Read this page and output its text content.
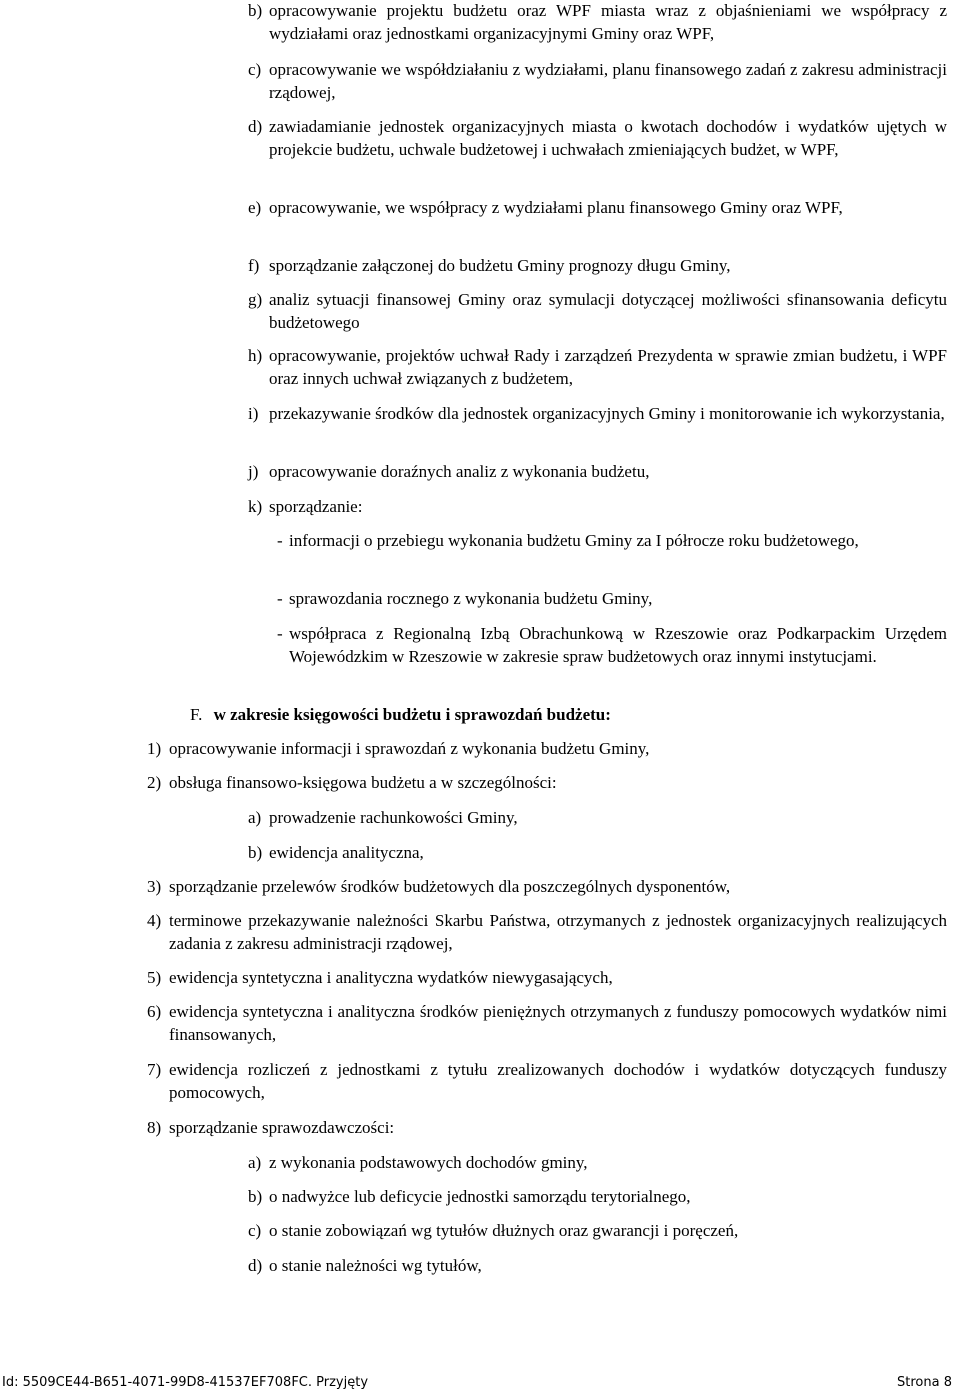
b) opracowywanie projektu budżetu oraz WPF miasta wraz z objaśnieniami we współpracy z wydziałami oraz jednostkami organizacyjnymi Gminy oraz WPF,
c) opracowywanie we współdziałaniu z wydziałami, planu finansowego zadań z zakresu administracji rządowej,
d) zawiadamianie jednostek organizacyjnych miasta o kwotach dochodów i wydatków ujętych w projekcie budżetu, uchwale budżetowej i uchwałach zmieniających budżet, w WPF,
e) opracowywanie, we współpracy z wydziałami planu finansowego Gminy oraz WPF,
f) sporządzanie załączonej do budżetu Gminy prognozy długu Gminy,
g) analiz sytuacji finansowej Gminy oraz symulacji dotyczącej możliwości sfinansowania deficytu budżetowego
h) opracowywanie, projektów uchwał Rady i zarządzeń Prezydenta w sprawie zmian budżetu, i WPF oraz innych uchwał związanych z budżetem,
i) przekazywanie środków dla jednostek organizacyjnych Gminy i monitorowanie ich wykorzystania,
j) opracowywanie doraźnych analiz z wykonania budżetu,
k) sporządzanie:
- informacji o przebiegu wykonania budżetu Gminy za I półrocze roku budżetowego,
- sprawozdania rocznego z wykonania budżetu Gminy,
- współpraca z Regionalną Izbą Obrachunkową w Rzeszowie oraz Podkarpackim Urzędem Wojewódzkim w Rzeszowie w zakresie spraw budżetowych oraz innymi instytucjami.
F. w zakresie księgowości budżetu i sprawozdań budżetu:
1) opracowywanie informacji i sprawozdań z wykonania budżetu Gminy,
2) obsługa finansowo-księgowa budżetu a w szczególności:
a) prowadzenie rachunkowości Gminy,
b) ewidencja analityczna,
3) sporządzanie przelewów środków budżetowych dla poszczególnych dysponentów,
4) terminowe przekazywanie należności Skarbu Państwa, otrzymanych z jednostek organizacyjnych realizujących zadania z zakresu administracji rządowej,
5) ewidencja syntetyczna i analityczna wydatków niewygasających,
6) ewidencja syntetyczna i analityczna środków pieniężnych otrzymanych z funduszy pomocowych wydatków nimi finansowanych,
7) ewidencja rozliczeń z jednostkami z tytułu zrealizowanych dochodów i wydatków dotyczących funduszy pomocowych,
8) sporządzanie sprawozdawczości:
a) z wykonania podstawowych dochodów gminy,
b) o nadwyżce lub deficycie jednostki samorządu terytorialnego,
c) o stanie zobowiązań wg tytułów dłużnych oraz gwarancji i poręczeń,
d) o stanie należności wg tytułów,
Id: 5509CE44-B651-4071-99D8-41537EF708FC. Przyjęty	Strona 8
